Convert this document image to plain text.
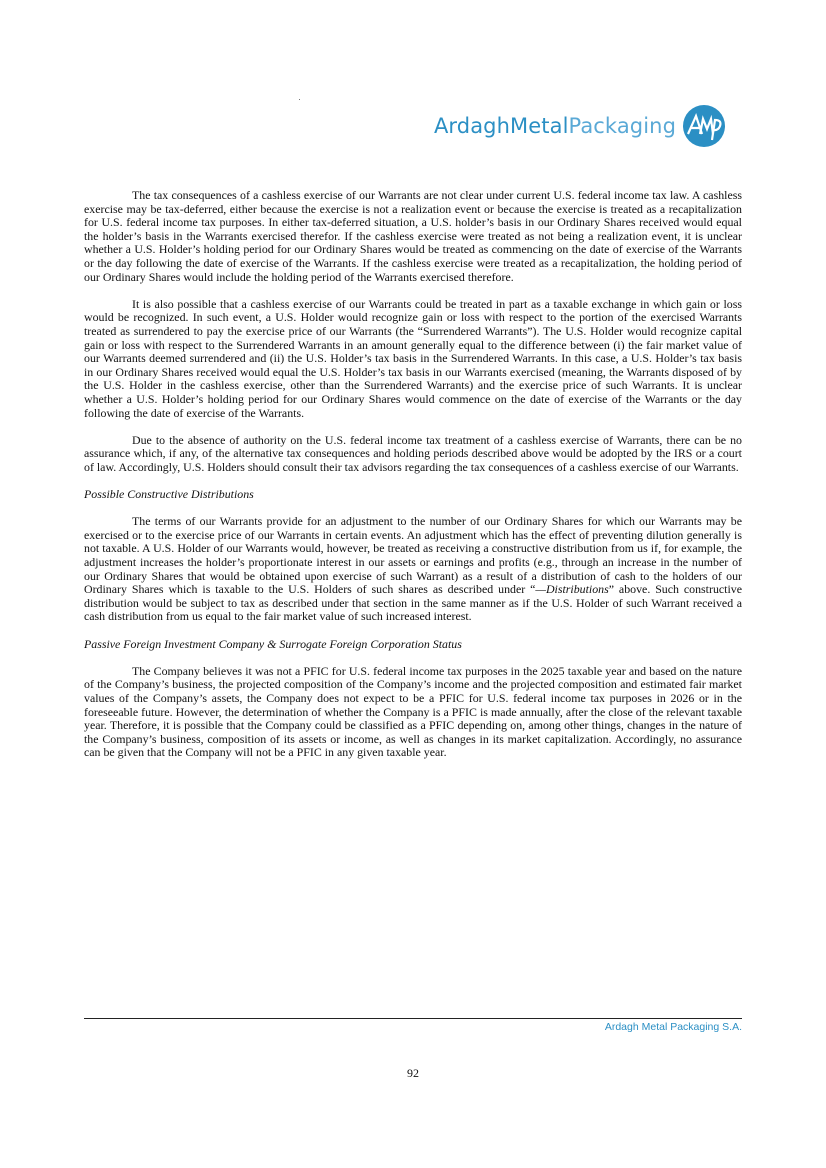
ArdaghMetalPackaging

The tax consequences of a cashless exercise of our Warrants are not clear under current U.S. federal income tax law. A cashless exercise may be tax-deferred, either because the exercise is not a realization event or because the exercise is treated as a recapitalization for U.S. federal income tax purposes. In either tax-deferred situation, a U.S. holder’s basis in our Ordinary Shares received would equal the holder’s basis in the Warrants exercised therefor. If the cashless exercise were treated as not being a realization event, it is unclear whether a U.S. Holder’s holding period for our Ordinary Shares would be treated as commencing on the date of exercise of the Warrants or the day following the date of exercise of the Warrants. If the cashless exercise were treated as a recapitalization, the holding period of our Ordinary Shares would include the holding period of the Warrants exercised therefore.

It is also possible that a cashless exercise of our Warrants could be treated in part as a taxable exchange in which gain or loss would be recognized. In such event, a U.S. Holder would recognize gain or loss with respect to the portion of the exercised Warrants treated as surrendered to pay the exercise price of our Warrants (the “Surrendered Warrants”). The U.S. Holder would recognize capital gain or loss with respect to the Surrendered Warrants in an amount generally equal to the difference between (i) the fair market value of our Warrants deemed surrendered and (ii) the U.S. Holder’s tax basis in the Surrendered Warrants. In this case, a U.S. Holder’s tax basis in our Ordinary Shares received would equal the U.S. Holder’s tax basis in our Warrants exercised (meaning, the Warrants disposed of by the U.S. Holder in the cashless exercise, other than the Surrendered Warrants) and the exercise price of such Warrants. It is unclear whether a U.S. Holder’s holding period for our Ordinary Shares would commence on the date of exercise of the Warrants or the day following the date of exercise of the Warrants.

Due to the absence of authority on the U.S. federal income tax treatment of a cashless exercise of Warrants, there can be no assurance which, if any, of the alternative tax consequences and holding periods described above would be adopted by the IRS or a court of law. Accordingly, U.S. Holders should consult their tax advisors regarding the tax consequences of a cashless exercise of our Warrants.

Possible Constructive Distributions

The terms of our Warrants provide for an adjustment to the number of our Ordinary Shares for which our Warrants may be exercised or to the exercise price of our Warrants in certain events. An adjustment which has the effect of preventing dilution generally is not taxable. A U.S. Holder of our Warrants would, however, be treated as receiving a constructive distribution from us if, for example, the adjustment increases the holder’s proportionate interest in our assets or earnings and profits (e.g., through an increase in the number of our Ordinary Shares that would be obtained upon exercise of such Warrant) as a result of a distribution of cash to the holders of our Ordinary Shares which is taxable to the U.S. Holders of such shares as described under “—Distributions” above. Such constructive distribution would be subject to tax as described under that section in the same manner as if the U.S. Holder of such Warrant received a cash distribution from us equal to the fair market value of such increased interest.

Passive Foreign Investment Company & Surrogate Foreign Corporation Status

The Company believes it was not a PFIC for U.S. federal income tax purposes in the 2025 taxable year and based on the nature of the Company’s business, the projected composition of the Company’s income and the projected composition and estimated fair market values of the Company’s assets, the Company does not expect to be a PFIC for U.S. federal income tax purposes in 2026 or in the foreseeable future. However, the determination of whether the Company is a PFIC is made annually, after the close of the relevant taxable year. Therefore, it is possible that the Company could be classified as a PFIC depending on, among other things, changes in the nature of the Company’s business, composition of its assets or income, as well as changes in its market capitalization. Accordingly, no assurance can be given that the Company will not be a PFIC in any given taxable year.

Ardagh Metal Packaging S.A.
92
